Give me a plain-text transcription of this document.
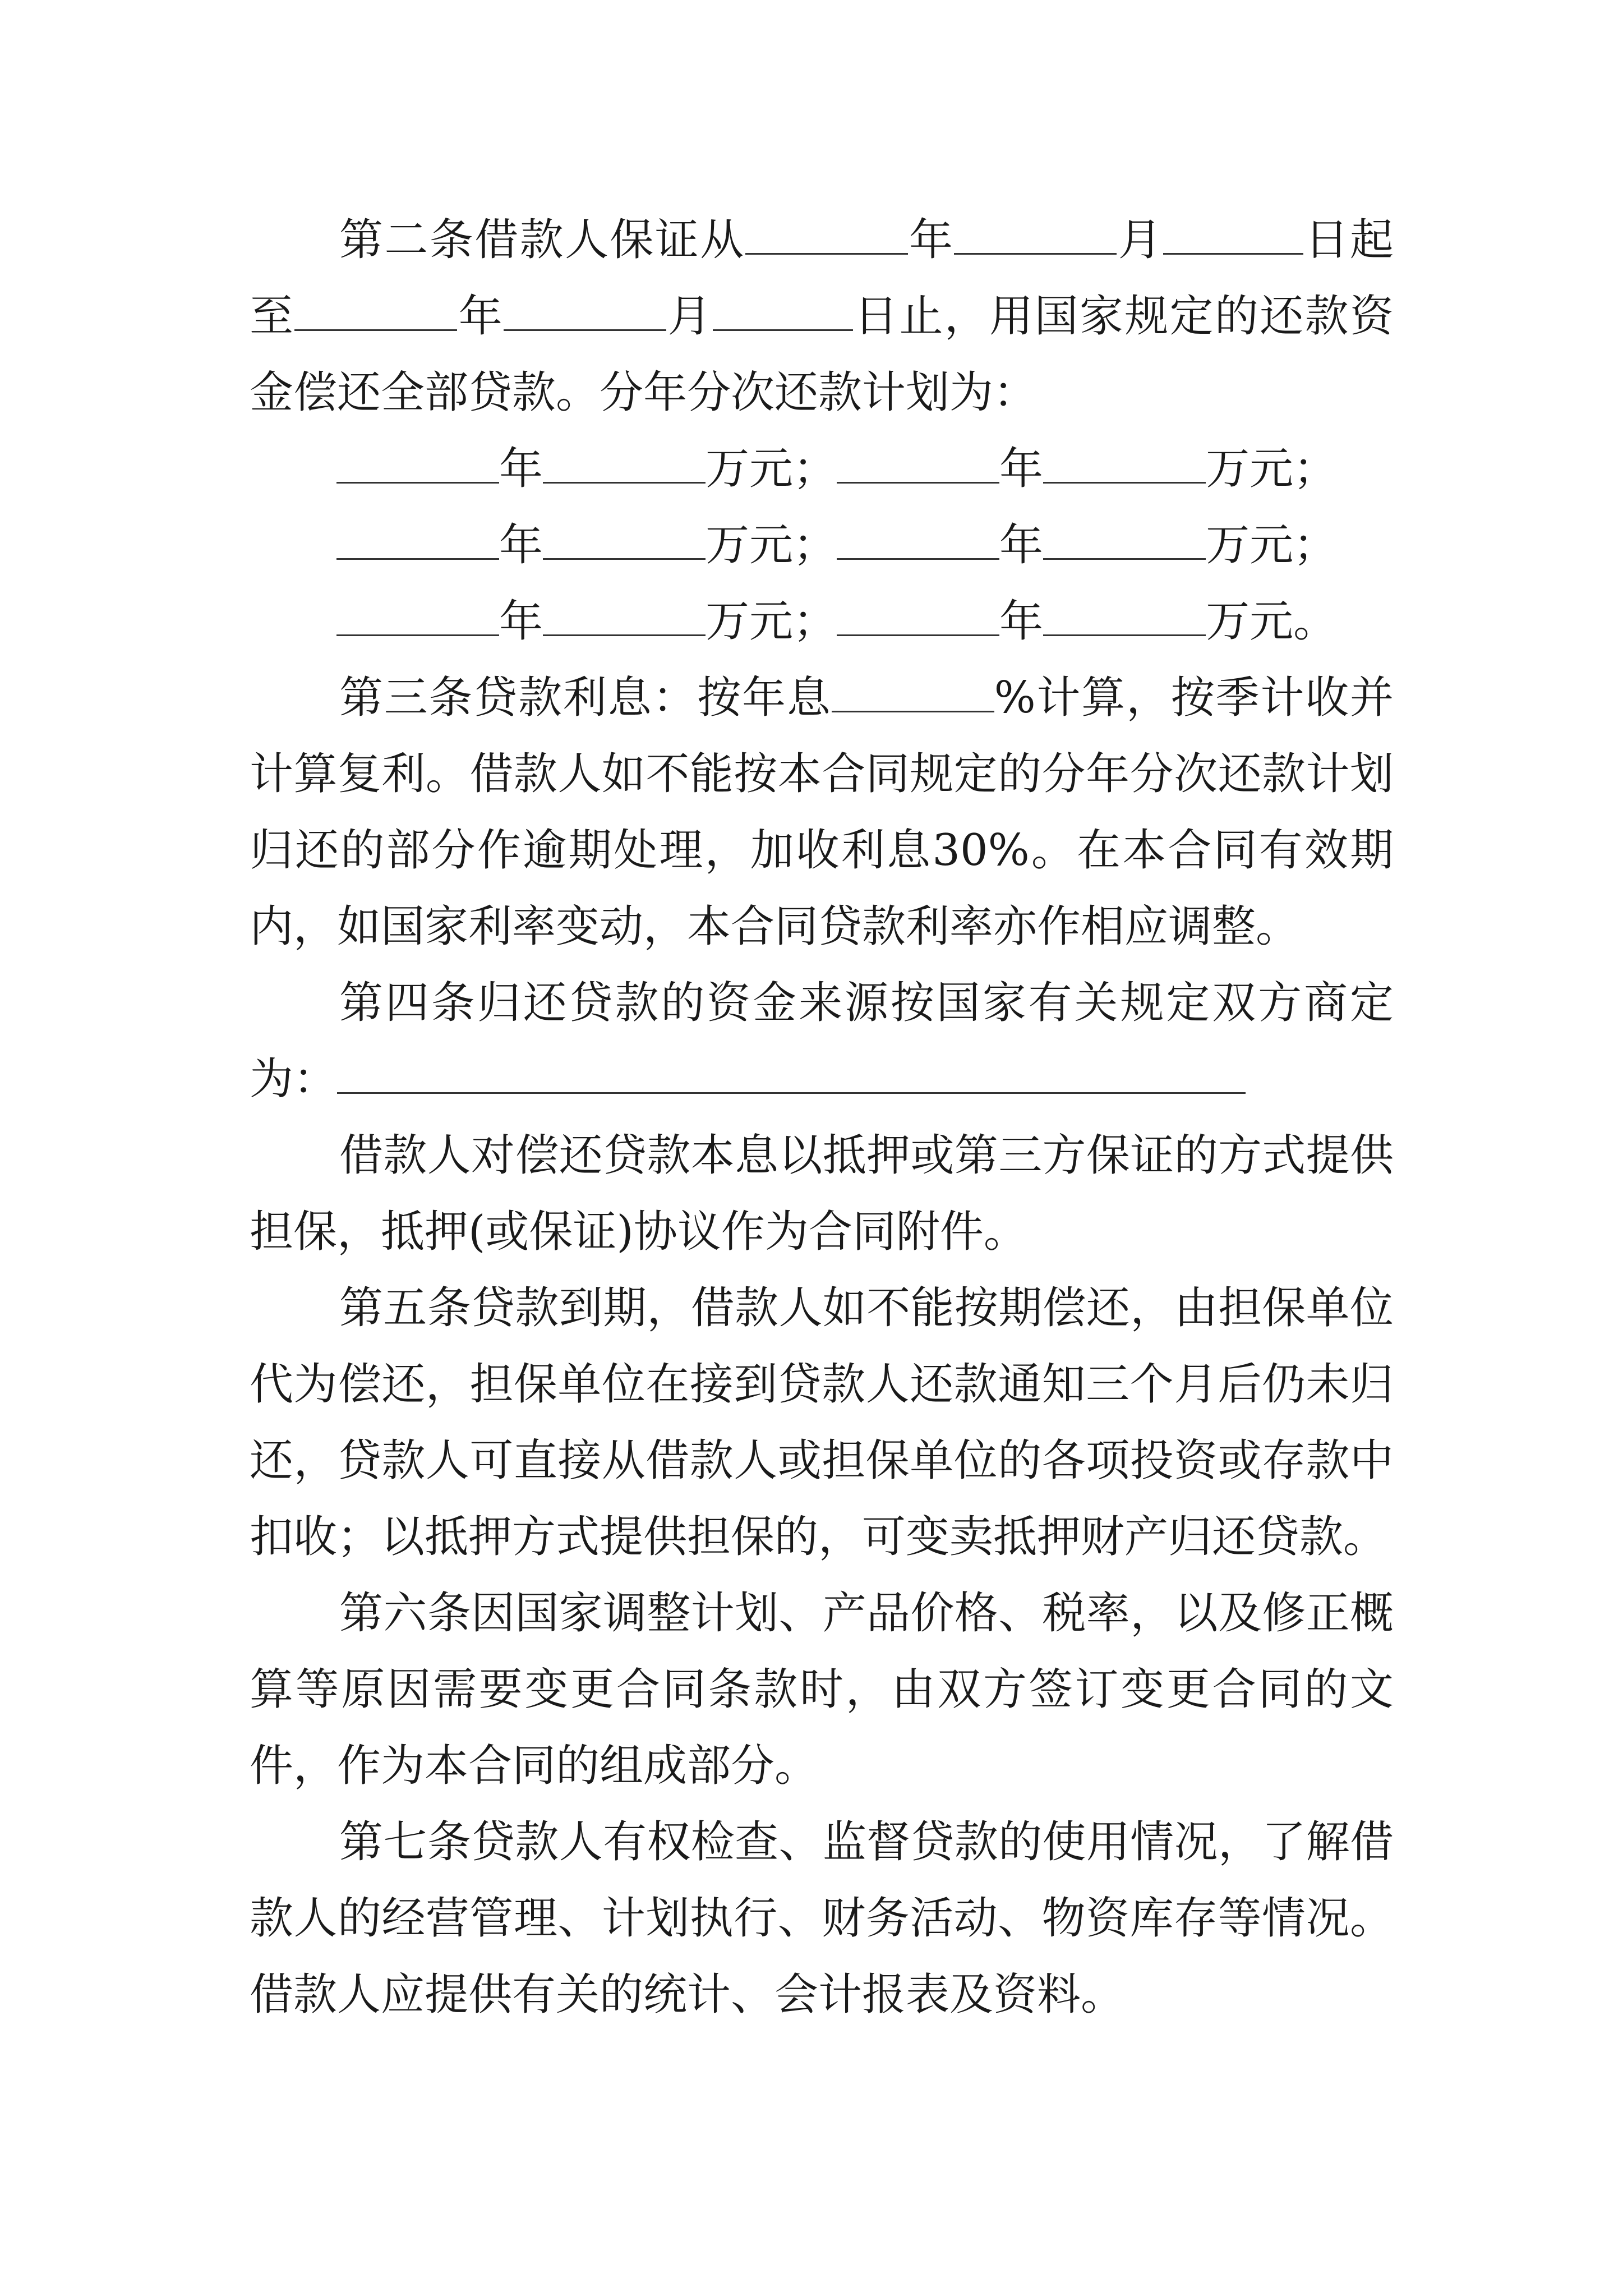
第二条借款人保证从	年	月	日起至	年	月	日止，用国家规定的还款资金偿还全部贷款。分年分次还款计划为：

年	万元；	年	万元；

年	万元；	年	万元；

年	万元；	年	万元。

第三条贷款利息：按年息	%计算，按季计收并计算复利。借款人如不能按本合同规定的分年分次还款计划归还的部分作逾期处理，加收利息30%。在本合同有效期内，如国家利率变动，本合同贷款利率亦作相应调整。

第四条归还贷款的资金来源按国家有关规定双方商定为：

借款人对偿还贷款本息以抵押或第三方保证的方式提供担保，抵押(或保证)协议作为合同附件。

第五条贷款到期，借款人如不能按期偿还，由担保单位代为偿还，担保单位在接到贷款人还款通知三个月后仍未归还，贷款人可直接从借款人或担保单位的各项投资或存款中扣收；以抵押方式提供担保的，可变卖抵押财产归还贷款。

第六条因国家调整计划、产品价格、税率，以及修正概算等原因需要变更合同条款时，由双方签订变更合同的文件，作为本合同的组成部分。

第七条贷款人有权检查、监督贷款的使用情况，了解借款人的经营管理、计划执行、财务活动、物资库存等情况。借款人应提供有关的统计、会计报表及资料。
